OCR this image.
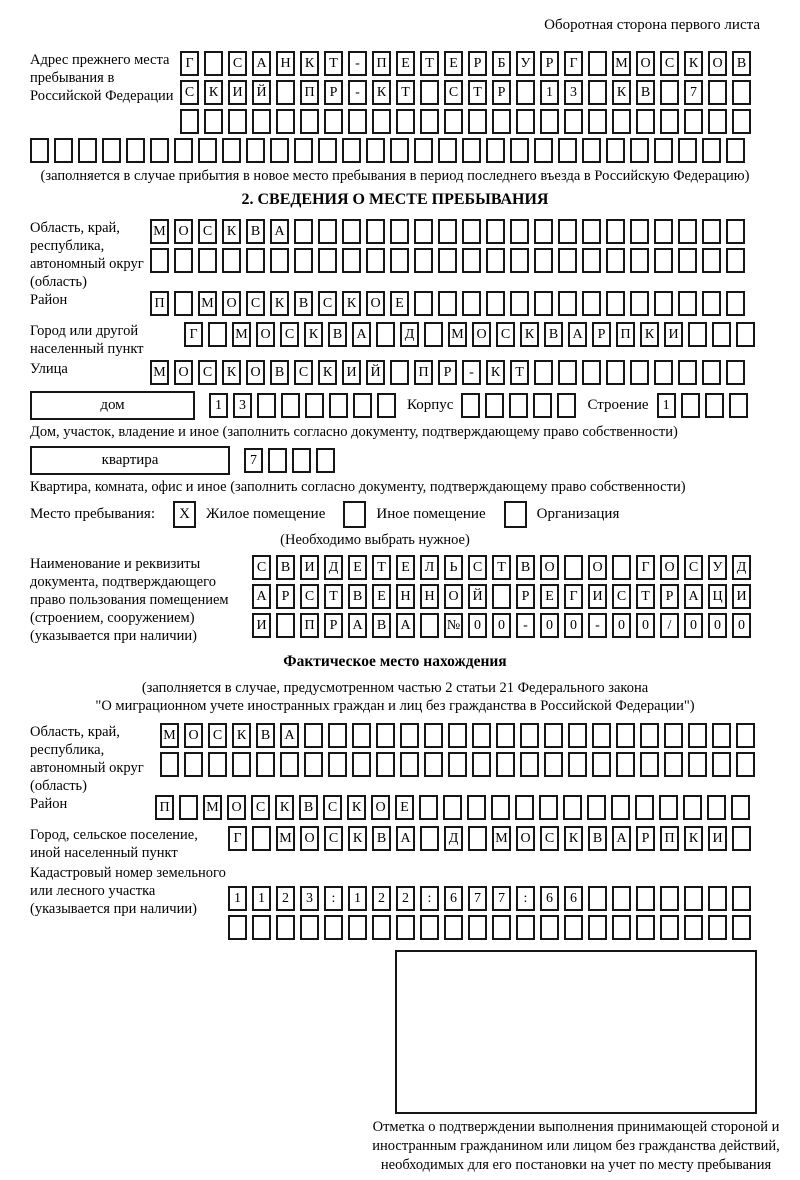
Оборотная сторона первого листа
Адрес прежнего места пребывания в Российской Федерации
Г	С	А Н	К	Т	-	П	Е	Т	Е	Р	Б	У	Р	Г	М О	С	К	О	В
С	К	И Й	П	Р	-	К	Т	С	Т	Р	1	3	К	В	7
(заполняется в случае прибытия в новое место пребывания в период последнего въезда в Российскую Федерацию)
2. СВЕДЕНИЯ О МЕСТЕ ПРЕБЫВАНИЯ
Область, край, республика, автономный округ (область)
М О	С	К	В	А
Район	П	М О	С	К	В	С	К	О	Е
Город или другой населенный пункт
Г	М О	С	К	В	А	Д	М О	С	К	В	А	Р	П	К	И
Улица	М О	С	К	О	В	С	К	И Й	П	Р	-	К	Т
дом	1	3	Корпус	Строение	1
Дом, участок, владение и иное (заполнить согласно документу, подтверждающему право собственности)
квартира	7
Квартира, комната, офис и иное (заполнить согласно документу, подтверждающему право собственности)
Место пребывания:	X	Жилое помещение	Иное помещение	Организация
(Необходимо выбрать нужное)
Наименование и реквизиты документа, подтверждающего право пользования помещением (строением, сооружением) (указывается при наличии)
С	В	И	Д	Е	Т	Е	Л	Ь	С	Т	В	О	О	Г	О	С	У	Д
А	Р	С	Т	В	Е	Н Н О Й	Р	Е	Г	И	С	Т	Р	А Ц И
И	П	Р	А	В	А	№ 0	0	-	0	0	-	0	0	/	0	0	0
Фактическое место нахождения
(заполняется в случае, предусмотренном частью 2 статьи 21 Федерального закона
"О миграционном учете иностранных граждан и лиц без гражданства в Российской Федерации")
Область, край, республика, автономный округ (область)
М О	С	К	В	А
Район	П	М О	С	К	В	С	К	О	Е
Город, сельское поселение, иной населенный пункт
Г	М О	С	К	В	А	Д	М О	С	К	В	А	Р	П	К	И
Кадастровый номер земельного или лесного участка (указывается при наличии)
1	1	2	3	:	1	2	2	:	6	7	7	:	6	6
Отметка о подтверждении выполнения принимающей стороной и иностранным гражданином или лицом без гражданства действий, необходимых для его постановки на учет по месту пребывания
